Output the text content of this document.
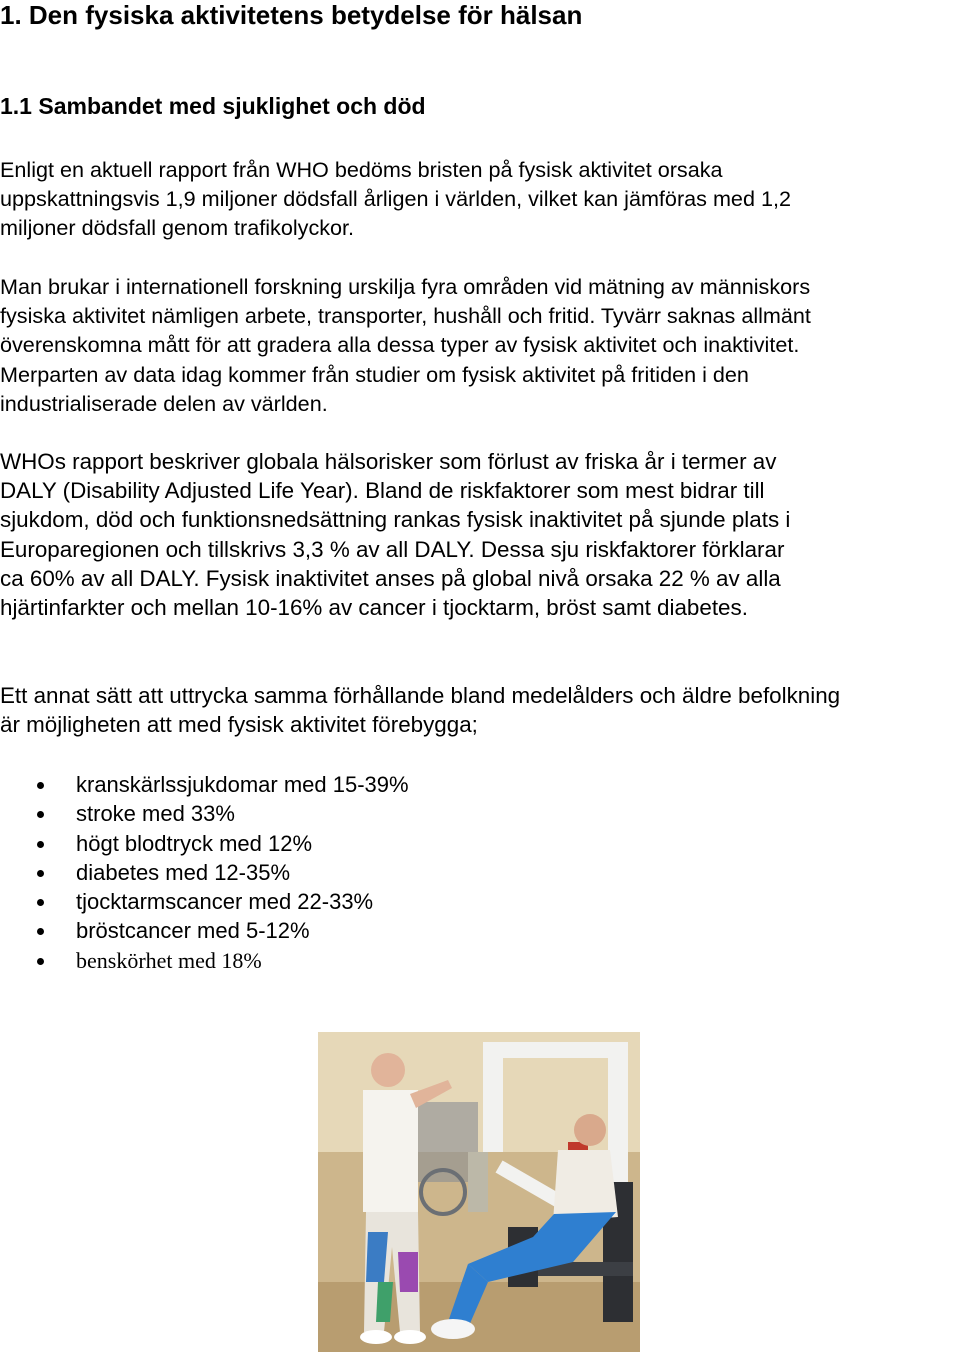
1. Den fysiska aktivitetens betydelse för hälsan
1.1 Sambandet med sjuklighet och död
Enligt en aktuell rapport från WHO bedöms bristen på fysisk aktivitet orsaka
uppskattningsvis 1,9 miljoner dödsfall årligen i världen, vilket kan jämföras med 1,2
miljoner dödsfall genom trafikolyckor.
Man brukar i internationell forskning urskilja fyra områden vid mätning av människors
fysiska aktivitet nämligen arbete, transporter, hushåll och fritid. Tyvärr saknas allmänt
överenskomna mått för att gradera alla dessa typer av fysisk aktivitet och inaktivitet.
Merparten av data idag kommer från studier om fysisk aktivitet på fritiden i den
industrialiserade delen av världen.
WHOs rapport beskriver globala hälsorisker som förlust av friska år i termer av
DALY (Disability Adjusted Life Year). Bland de riskfaktorer som mest bidrar till
sjukdom, död och funktionsnedsättning rankas fysisk inaktivitet på sjunde plats i
Europaregionen och tillskrivs 3,3 % av all DALY. Dessa sju riskfaktorer förklarar
ca 60% av all DALY. Fysisk inaktivitet anses på global nivå orsaka 22 % av alla
hjärtinfarkter och mellan 10-16% av cancer i tjocktarm, bröst samt diabetes.
Ett annat sätt att uttrycka samma förhållande bland medelålders och äldre befolkning
är möjligheten att med fysisk aktivitet förebygga;
kranskärlssjukdomar med 15-39%
stroke med 33%
högt blodtryck med 12%
diabetes med 12-35%
tjocktarmscancer med 22-33%
bröstcancer med 5-12%
benskörhet med 18%
